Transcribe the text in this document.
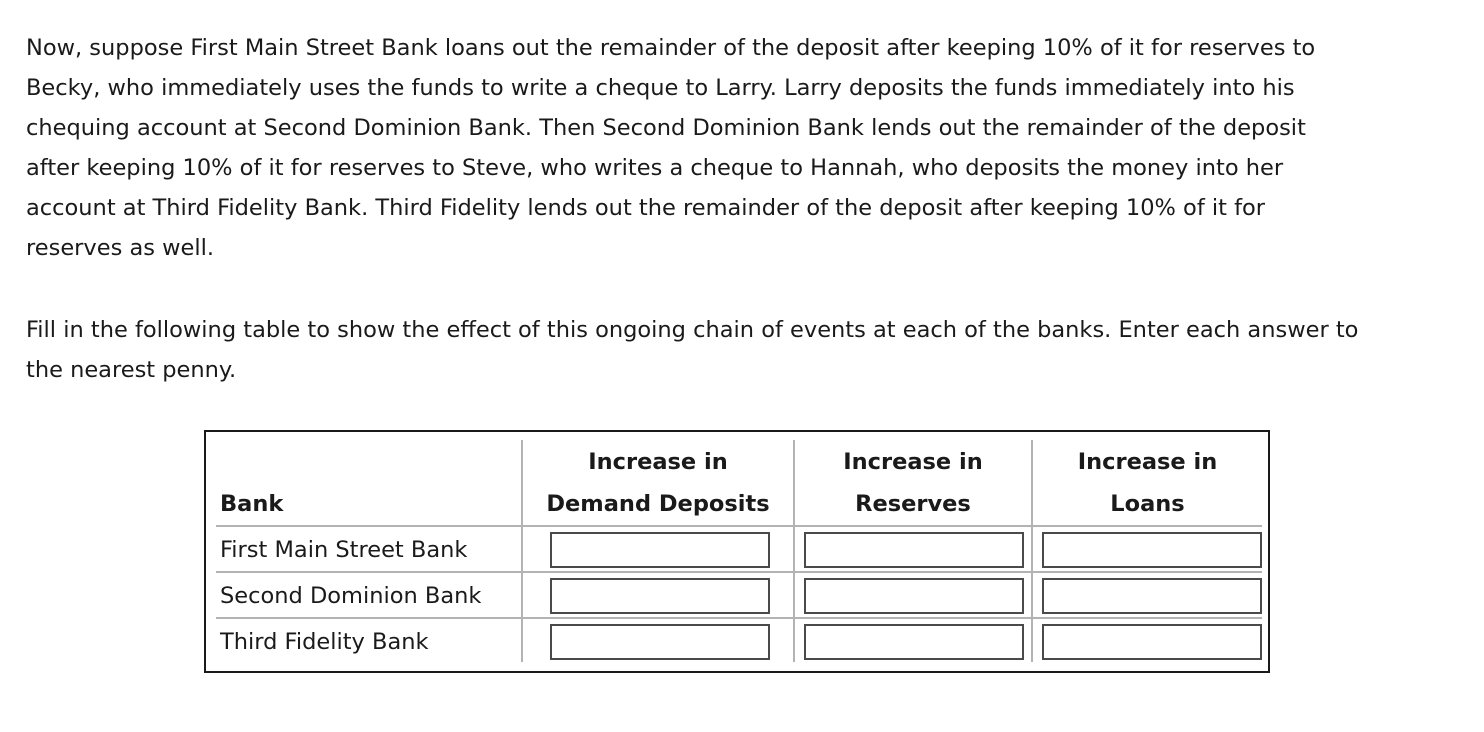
Now, suppose First Main Street Bank loans out the remainder of the deposit after keeping 10% of it for reserves to
Becky, who immediately uses the funds to write a cheque to Larry. Larry deposits the funds immediately into his
chequing account at Second Dominion Bank. Then Second Dominion Bank lends out the remainder of the deposit
after keeping 10% of it for reserves to Steve, who writes a cheque to Hannah, who deposits the money into her
account at Third Fidelity Bank. Third Fidelity lends out the remainder of the deposit after keeping 10% of it for
reserves as well.
Fill in the following table to show the effect of this ongoing chain of events at each of the banks. Enter each answer to
the nearest penny.
Bank
Increase in
Demand Deposits
Increase in
Reserves
Increase in
Loans
First Main Street Bank
Second Dominion Bank
Third Fidelity Bank
